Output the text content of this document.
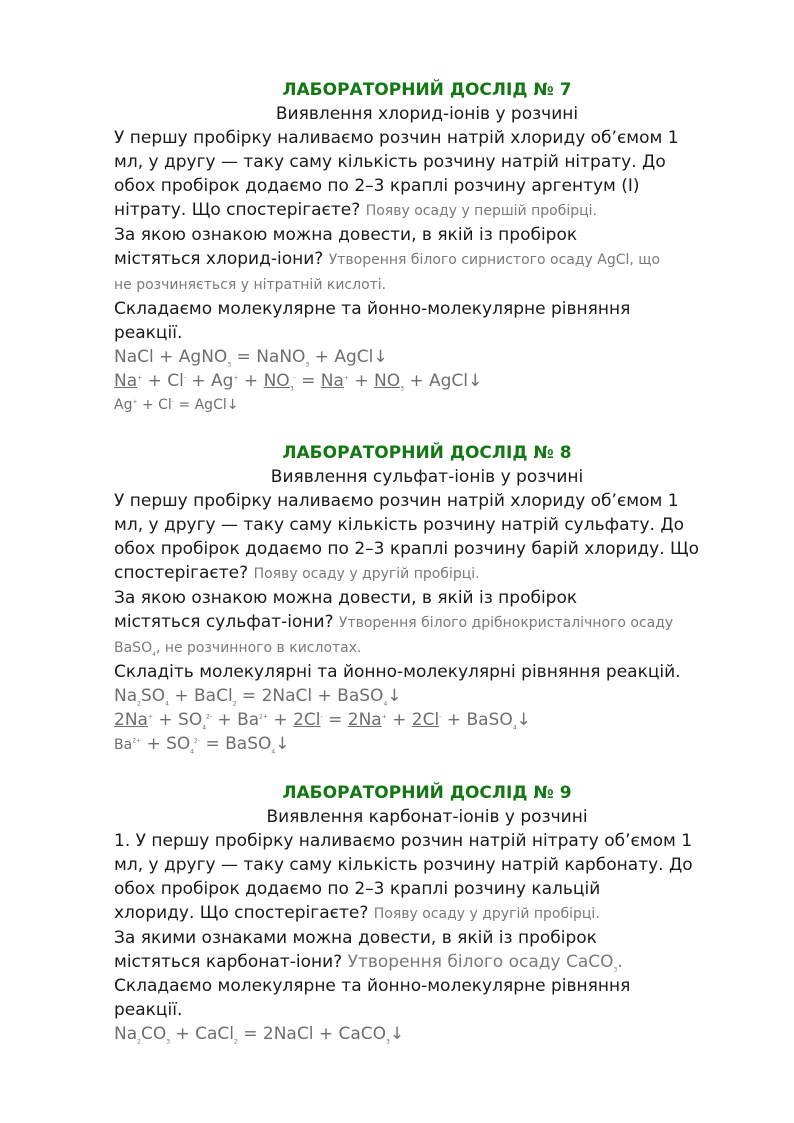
ЛАБОРАТОРНИЙ ДОСЛІД № 7

Виявлення хлорид-іонів у розчині

У першу пробірку наливаємо розчин натрій хлориду об’ємом 1
мл, у другу — таку саму кількість розчину натрій нітрату. До
обох пробірок додаємо по 2–3 краплі розчину аргентум (I)
нітрату. Що спостерігаєте? Появу осаду у першій пробірці.

За якою ознакою можна довести, в якій із пробірок
містяться хлорид-іони? Утворення білого сирнистого осаду AgCl, що
не розчиняється у нітратній кислоті.

Складаємо молекулярне та йонно-молекулярне рівняння
реакції.

NaCl + AgNO$_3$ = NaNO$_3$ + AgCl↓

$Na^+ + Cl^- + Ag^+ + NO_3^- = Na^+ + NO_3$ + AgCl↓

Ag+ + Cl- = AgCl↓

ЛАБОРАТОРНИЙ ДОСЛІД № 8

Виявлення сульфат-іонів у розчині

У першу пробірку наливаємо розчин натрій хлориду об’ємом 1
мл, у другу — таку саму кількість розчину натрій сульфату. До
обох пробірок додаємо по 2–3 краплі розчину барій хлориду. Що
спостерігаєте? Появу осаду у другій пробірці.

За якою ознакою можна довести, в якій із пробірок
містяться сульфат-іони? Утворення білого дрібнокристалічного осаду
BaSO$_4$, не розчинного в кислотах.

Складіть молекулярні та йонно-молекулярні рівняння реакцій.

$Na_2SO_4$ + BaCl$_2$ = 2NaCl + BaSO$_4$↓

$2Na^+ + SO_4^{2-} + Ba^{2+} + 2Cl^- = 2Na^+ + 2Cl^-$ + BaSO$_4$↓

$Ba^{2+} + SO_4^{2-}$ = BaSO$_4$↓

ЛАБОРАТОРНИЙ ДОСЛІД № 9

Виявлення карбонат-іонів у розчині

1. У першу пробірку наливаємо розчин натрій нітрату об’ємом 1
мл, у другу — таку саму кількість розчину натрій карбонату. До
обох пробірок додаємо по 2–3 краплі розчину кальцій
хлориду. Що спостерігаєте? Появу осаду у другій пробірці.

За якими ознаками можна довести, в якій із пробірок
містяться карбонат-іони? Утворення білого осаду CaCO$_3$.

Складаємо молекулярне та йонно-молекулярне рівняння
реакції.

$Na_2CO_3$ + CaCl$_2$ = 2NaCl + CaCO$_3$↓
